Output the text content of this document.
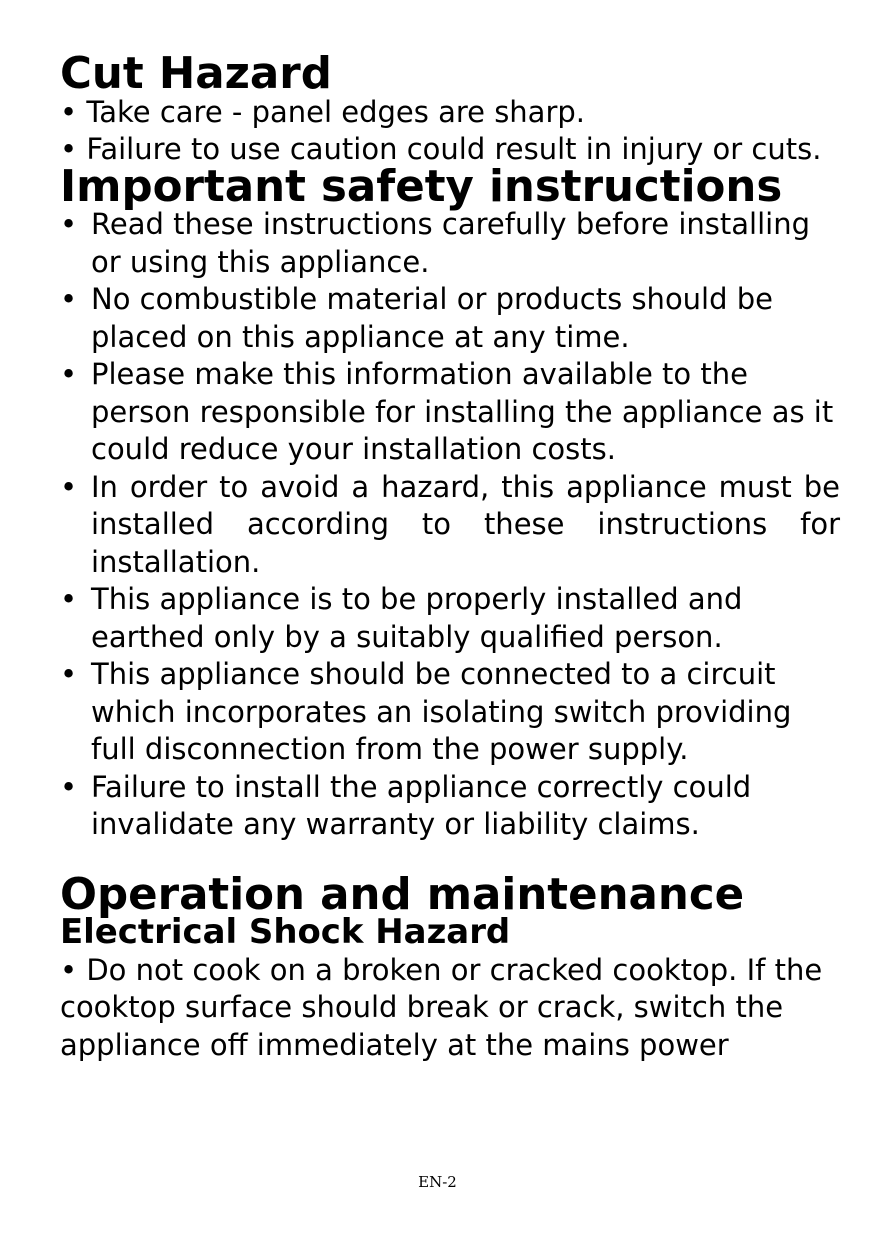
Cut Hazard
• Take care - panel edges are sharp.
• Failure to use caution could result in injury or cuts.
Important safety instructions
• Read these instructions carefully before installing or using this appliance.
• No combustible material or products should be placed on this appliance at any time.
• Please make this information available to the person responsible for installing the appliance as it could reduce your installation costs.
• In order to avoid a hazard, this appliance must be installed according to these instructions for installation.
• This appliance is to be properly installed and earthed only by a suitably qualified person.
• This appliance should be connected to a circuit which incorporates an isolating switch providing full disconnection from the power supply.
• Failure to install the appliance correctly could invalidate any warranty or liability claims.
Operation and maintenance
Electrical Shock Hazard
• Do not cook on a broken or cracked cooktop. If the cooktop surface should break or crack, switch the appliance off immediately at the mains power
EN-2
